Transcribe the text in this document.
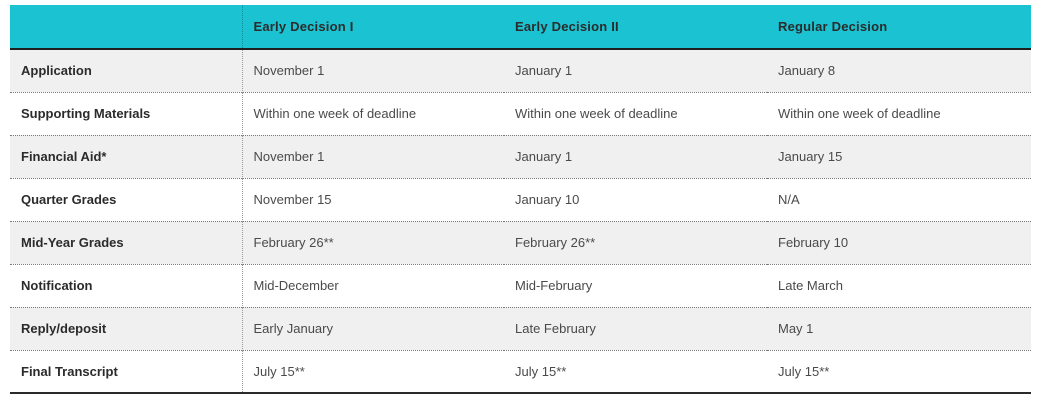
	Early Decision I	Early Decision II	Regular Decision
Application	November 1	January 1	January 8
Supporting Materials	Within one week of deadline	Within one week of deadline	Within one week of deadline
Financial Aid*	November 1	January 1	January 15
Quarter Grades	November 15	January 10	N/A
Mid-Year Grades	February 26**	February 26**	February 10
Notification	Mid-December	Mid-February	Late March
Reply/deposit	Early January	Late February	May 1
Final Transcript	July 15**	July 15**	July 15**
